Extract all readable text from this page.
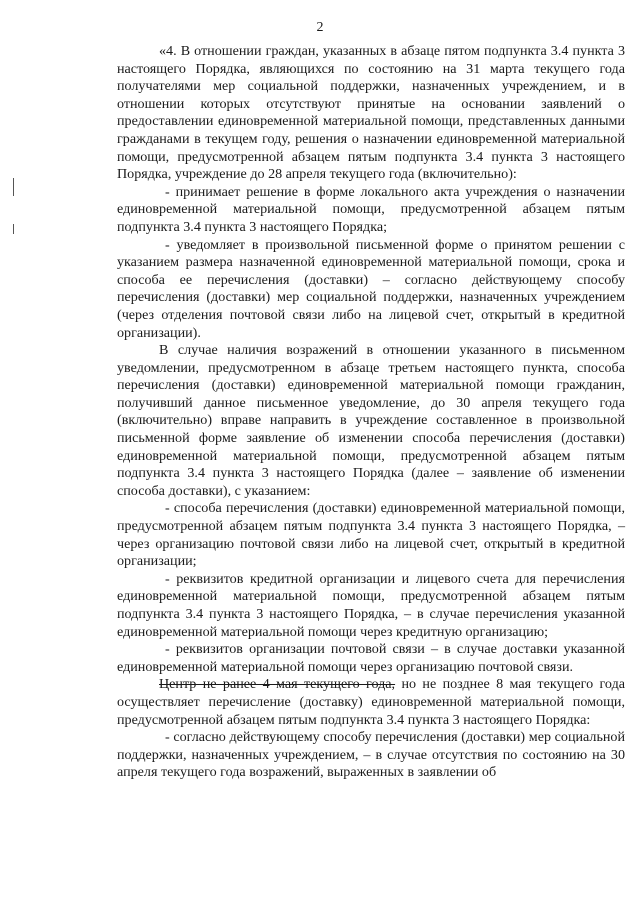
2

«4. В отношении граждан, указанных в абзаце пятом подпункта 3.4 пункта 3 настоящего Порядка, являющихся по состоянию на 31 марта текущего года получателями мер социальной поддержки, назначенных учреждением, и в отношении которых отсутствуют принятые на основании заявлений о предоставлении единовременной материальной помощи, представленных данными гражданами в текущем году, решения о назначении единовременной материальной помощи, предусмотренной абзацем пятым подпункта 3.4 пункта 3 настоящего Порядка, учреждение до 28 апреля текущего года (включительно):

- принимает решение в форме локального акта учреждения о назначении единовременной материальной помощи, предусмотренной абзацем пятым подпункта 3.4 пункта 3 настоящего Порядка;

- уведомляет в произвольной письменной форме о принятом решении с указанием размера назначенной единовременной материальной помощи, срока и способа ее перечисления (доставки) – согласно действующему способу перечисления (доставки) мер социальной поддержки, назначенных учреждением (через отделения почтовой связи либо на лицевой счет, открытый в кредитной организации).

В случае наличия возражений в отношении указанного в письменном уведомлении, предусмотренном в абзаце третьем настоящего пункта, способа перечисления (доставки) единовременной материальной помощи гражданин, получивший данное письменное уведомление, до 30 апреля текущего года (включительно) вправе направить в учреждение составленное в произвольной письменной форме заявление об изменении способа перечисления (доставки) единовременной материальной помощи, предусмотренной абзацем пятым подпункта 3.4 пункта 3 настоящего Порядка (далее – заявление об изменении способа доставки), с указанием:

- способа перечисления (доставки) единовременной материальной помощи, предусмотренной абзацем пятым подпункта 3.4 пункта 3 настоящего Порядка, – через организацию почтовой связи либо на лицевой счет, открытый в кредитной организации;

- реквизитов кредитной организации и лицевого счета для перечисления единовременной материальной помощи, предусмотренной абзацем пятым подпункта 3.4 пункта 3 настоящего Порядка, – в случае перечисления указанной единовременной материальной помощи через кредитную организацию;

- реквизитов организации почтовой связи – в случае доставки указанной единовременной материальной помощи через организацию почтовой связи.

Центр не ранее 4 мая текущего года, но не позднее 8 мая текущего года осуществляет перечисление (доставку) единовременной материальной помощи, предусмотренной абзацем пятым подпункта 3.4 пункта 3 настоящего Порядка:

- согласно действующему способу перечисления (доставки) мер социальной поддержки, назначенных учреждением, – в случае отсутствия по состоянию на 30 апреля текущего года возражений, выраженных в заявлении об
